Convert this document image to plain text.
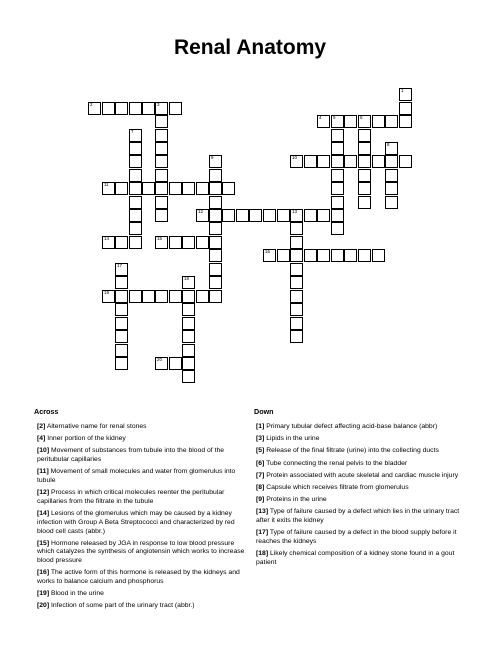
Renal Anatomy
2	3
1
7
4	5	6
8
10
9
11
12	13
14	15
16
17
18
19
20
Across	Down
[2] Alternative name for renal stones
[4] Inner portion of the kidney
[10] Movement of substances from tubule into the blood of the peritubular capillaries
[11] Movement of small molecules and water from glomerulus into tubule
[12] Process in which critical molecules reenter the peritubular capillaries from the filtrate in the tubule
[14] Lesions of the glomerulus which may be caused by a kidney infection with Group A Beta Streptococci and characterized by red blood cell casts (abbr.)
[15] Hormone released by JGA in response to low blood pressure which catalyzes the synthesis of angiotensin which works to increase blood pressure
[16] The active form of this hormone is released by the kidneys and works to balance calcium and phosphorus
[19] Blood in the urine
[20] Infection of some part of the urinary tract (abbr.)
[1] Primary tubular defect affecting acid-base balance (abbr)
[3] Lipids in the urine
[5] Release of the final filtrate (urine) into the collecting ducts
[6] Tube connecting the renal pelvis to the bladder
[7] Protein associated with acute skeletal and cardiac muscle injury
[8] Capsule which receives filtrate from glomerulus
[9] Proteins in the urine
[13] Type of failure caused by a defect which lies in the urinary tract after it exits the kidney
[17] Type of failure caused by a defect in the blood supply before it reaches the kidneys
[18] Likely chemical composition of a kidney stone found in a gout patient
